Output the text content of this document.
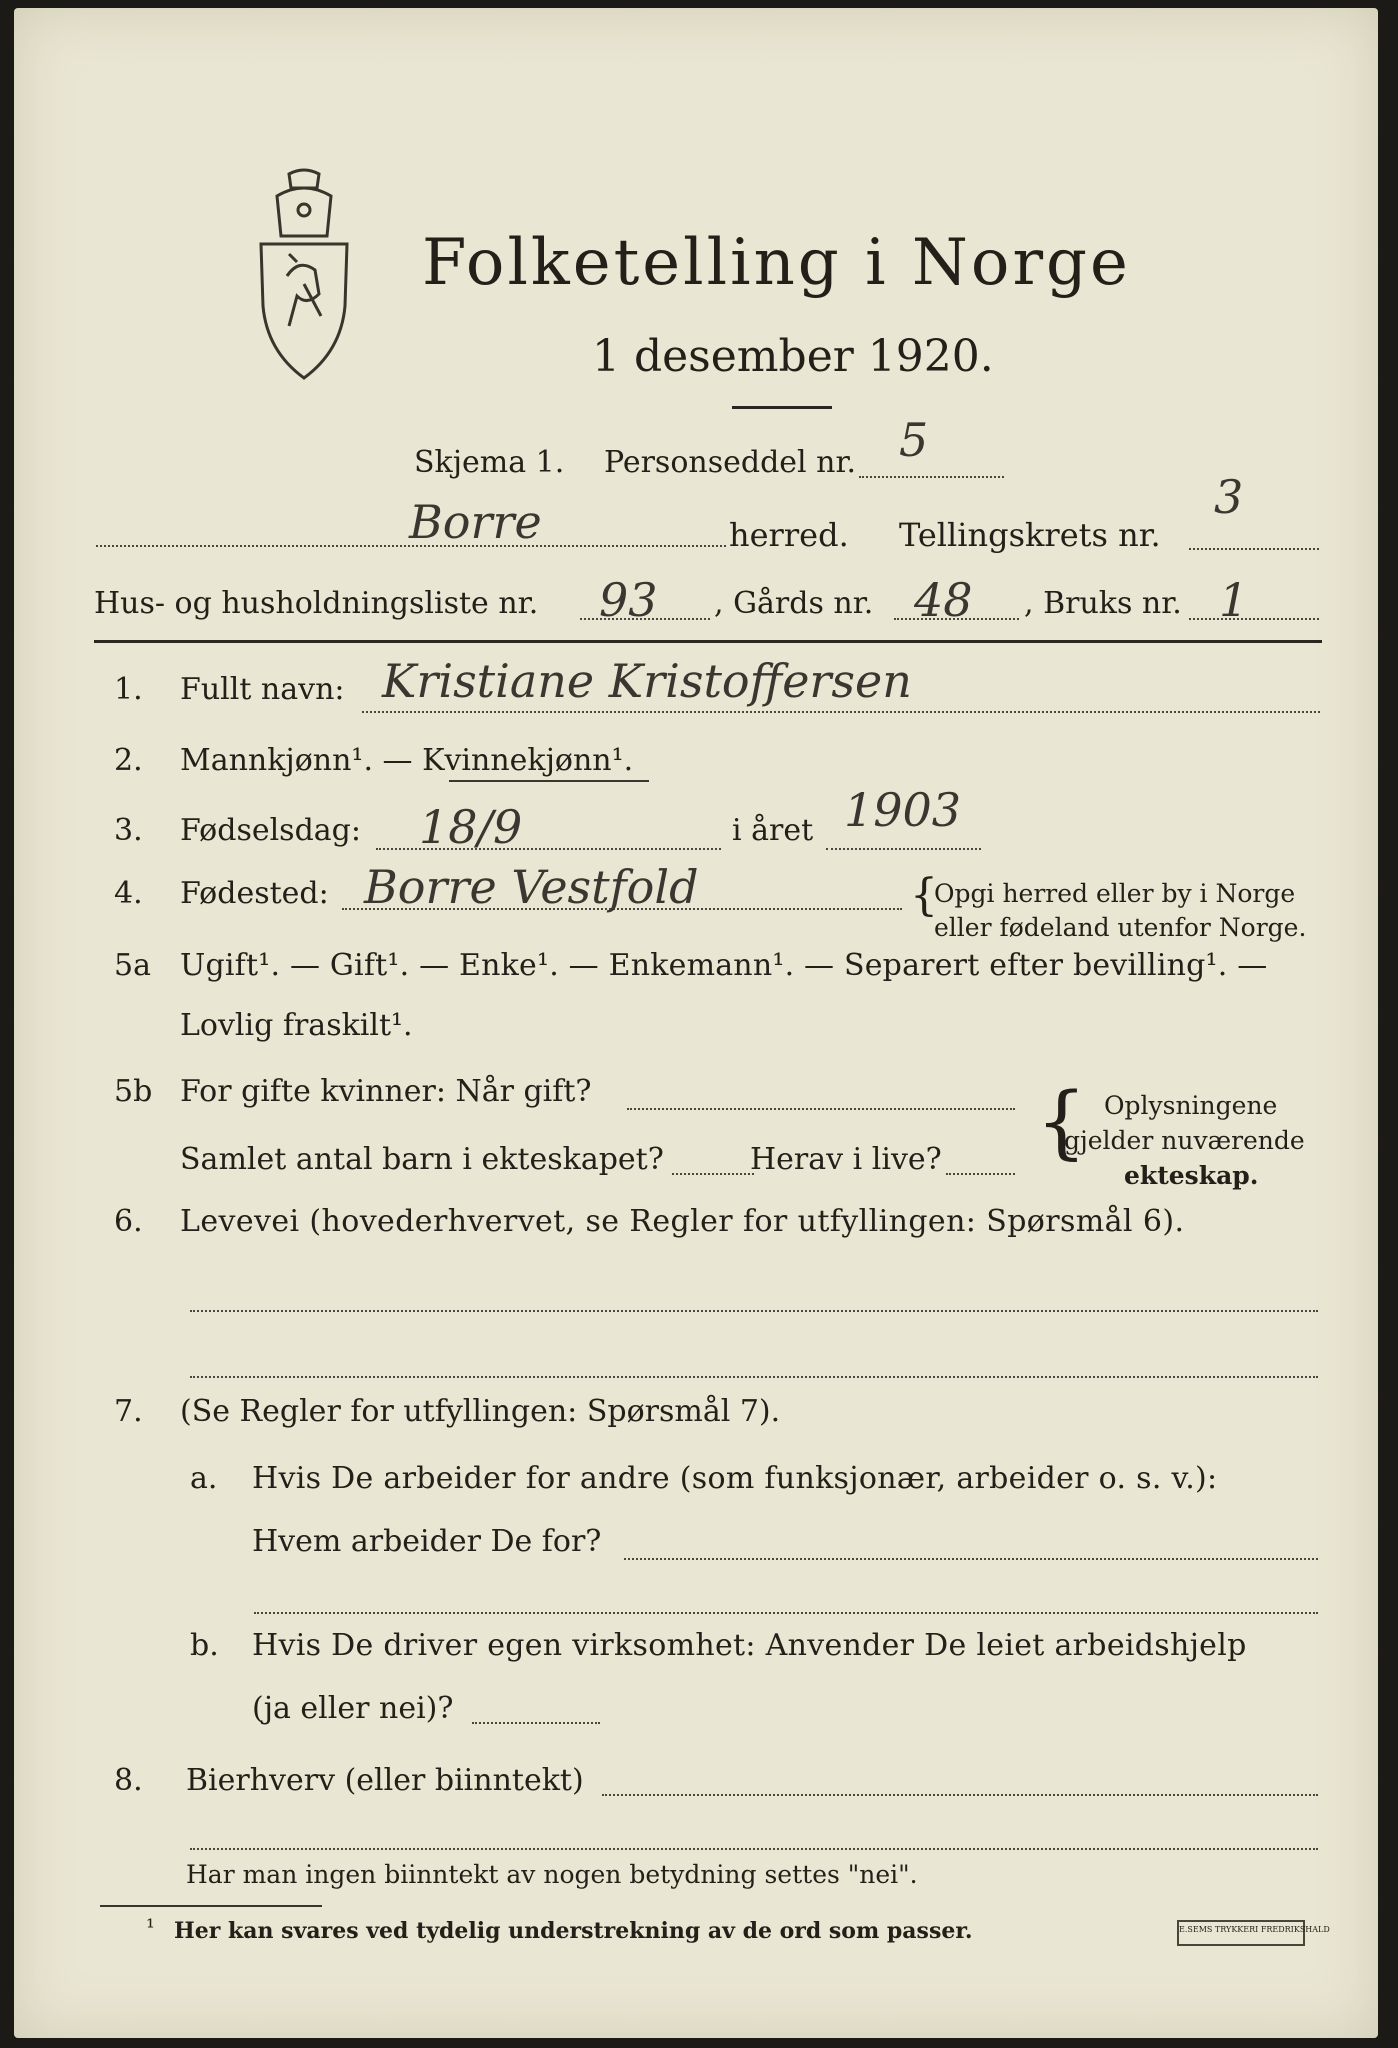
Folketelling i Norge
1 desember 1920.
Skjema 1. Personseddel nr. 5
Borre	herred. Tellingskrets nr.
3
Hus- og husholdningsliste nr. 93 , Gårds nr. 48 , Bruks nr. 1
1. Fullt navn: Kristiane Kristoffersen
2. Mannkjønn¹. — Kvinnekjønn¹.
3. Fødselsdag: 18/9	i året 1903
4. Fødested: Borre Vestfold	{
Opgi herred eller by i Norge
eller fødeland utenfor Norge.
5a Ugift¹. — Gift¹. — Enke¹. — Enkemann¹. — Separert efter bevilling¹. —
Lovlig fraskilt¹.
5b For gifte kvinner: Når gift?
Samlet antal barn i ekteskapet?	Herav i live? { Oplysningene
gjelder nuværende
ekteskap.
6. Levevei (hovederhvervet, se Regler for utfyllingen: Spørsmål 6).
7. (Se Regler for utfyllingen: Spørsmål 7).
a. Hvis De arbeider for andre (som funksjonær, arbeider o. s. v.):
Hvem arbeider De for?
b. Hvis De driver egen virksomhet: Anvender De leiet arbeidshjelp
(ja eller nei)?
8. Bierhverv (eller biinntekt)
Har man ingen biinntekt av nogen betydning settes "nei".
¹ Her kan svares ved tydelig understrekning av de ord som passer.	E.SEMS TRYKKERI FREDRIKSHALD
